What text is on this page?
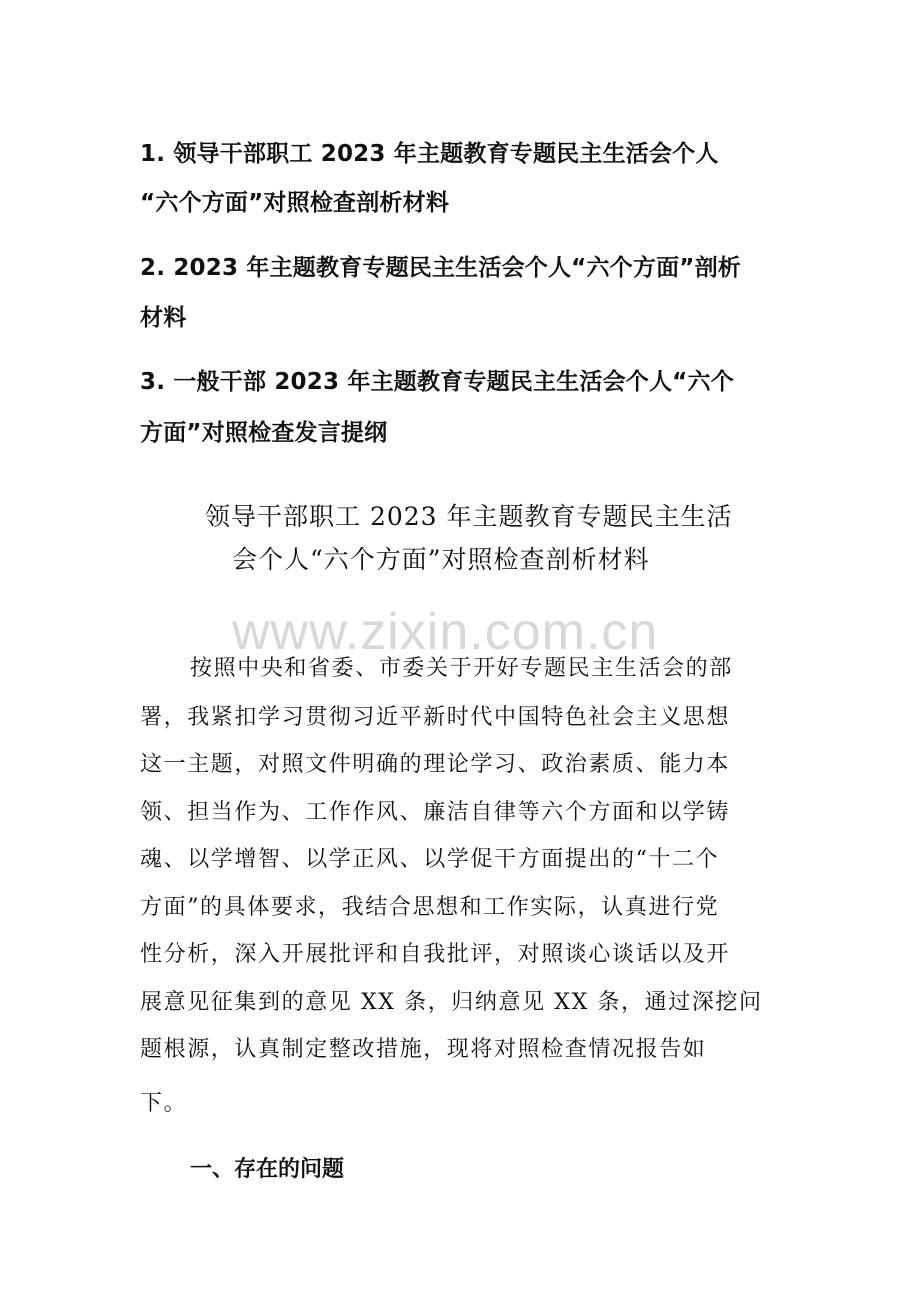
1. 领导干部职工 2023 年主题教育专题民主生活会个人

“六个方面”对照检查剖析材料

2. 2023 年主题教育专题民主生活会个人“六个方面”剖析

材料

3. 一般干部 2023 年主题教育专题民主生活会个人“六个

方面”对照检查发言提纲

领导干部职工 2023 年主题教育专题民主生活

会个人“六个方面”对照检查剖析材料

www.zixin.com.cn

按照中央和省委、市委关于开好专题民主生活会的部

署，我紧扣学习贯彻习近平新时代中国特色社会主义思想

这一主题，对照文件明确的理论学习、政治素质、能力本

领、担当作为、工作作风、廉洁自律等六个方面和以学铸

魂、以学增智、以学正风、以学促干方面提出的“十二个

方面”的具体要求，我结合思想和工作实际，认真进行党

性分析，深入开展批评和自我批评，对照谈心谈话以及开

展意见征集到的意见 XX 条，归纳意见 XX 条，通过深挖问

题根源，认真制定整改措施，现将对照检查情况报告如

下。

一、存在的问题
